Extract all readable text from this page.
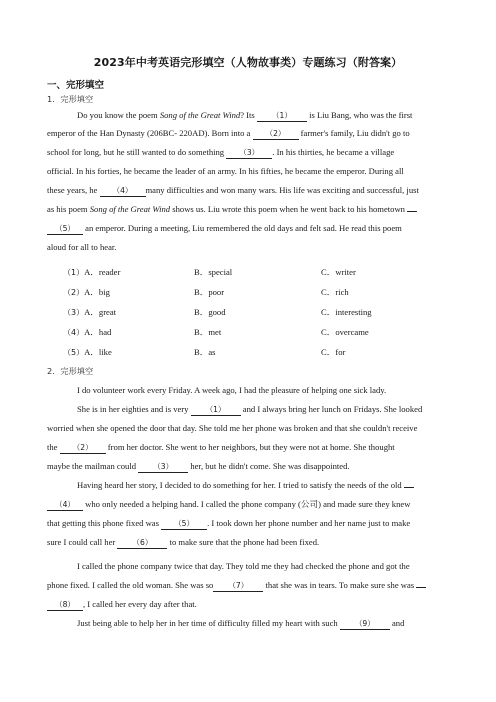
2023年中考英语完形填空（人物故事类）专题练习（附答案）
一、完形填空
1．完形填空
Do you know the poem Song of the Great Wind? Its （1） is Liu Bang, who was the first
emperor of the Han Dynasty (206BC- 220AD). Born into a （2） farmer's family, Liu didn't go to
school for long, but he still wanted to do something （3） . In his thirties, he became a village
official. In his forties, he became the leader of an army. In his fifties, he became the emperor. During all
these years, he （4） many difficulties and won many wars. His life was exciting and successful, just
as his poem Song of the Great Wind shows us. Liu wrote this poem when he went back to his hometown
（5） an emperor. During a meeting, Liu remembered the old days and felt sad. He read this poem
aloud for all to hear.
（1）A．reader	B．special	C．writer
（2）A．big	B．poor	C．rich
（3）A．great	B．good	C．interesting
（4）A．had	B．met	C．overcame
（5）A．like	B．as	C．for
2．完形填空
I do volunteer work every Friday. A week ago, I had the pleasure of helping one sick lady.
She is in her eighties and is very （1） and I always bring her lunch on Fridays. She looked
worried when she opened the door that day. She told me her phone was broken and that she couldn't receive
the （2） from her doctor. She went to her neighbors, but they were not at home. She thought
maybe the mailman could （3） her, but he didn't come. She was disappointed.
Having heard her story, I decided to do something for her. I tried to satisfy the needs of the old
（4） who only needed a helping hand. I called the phone company (公司) and made sure they knew
that getting this phone fixed was （5） . I took down her phone number and her name just to make
sure I could call her （6） to make sure that the phone had been fixed.
I called the phone company twice that day. They told me they had checked the phone and got the
phone fixed. I called the old woman. She was so （7） that she was in tears. To make sure she was
（8） , I called her every day after that.
Just being able to help her in her time of difficulty filled my heart with such （9） and
